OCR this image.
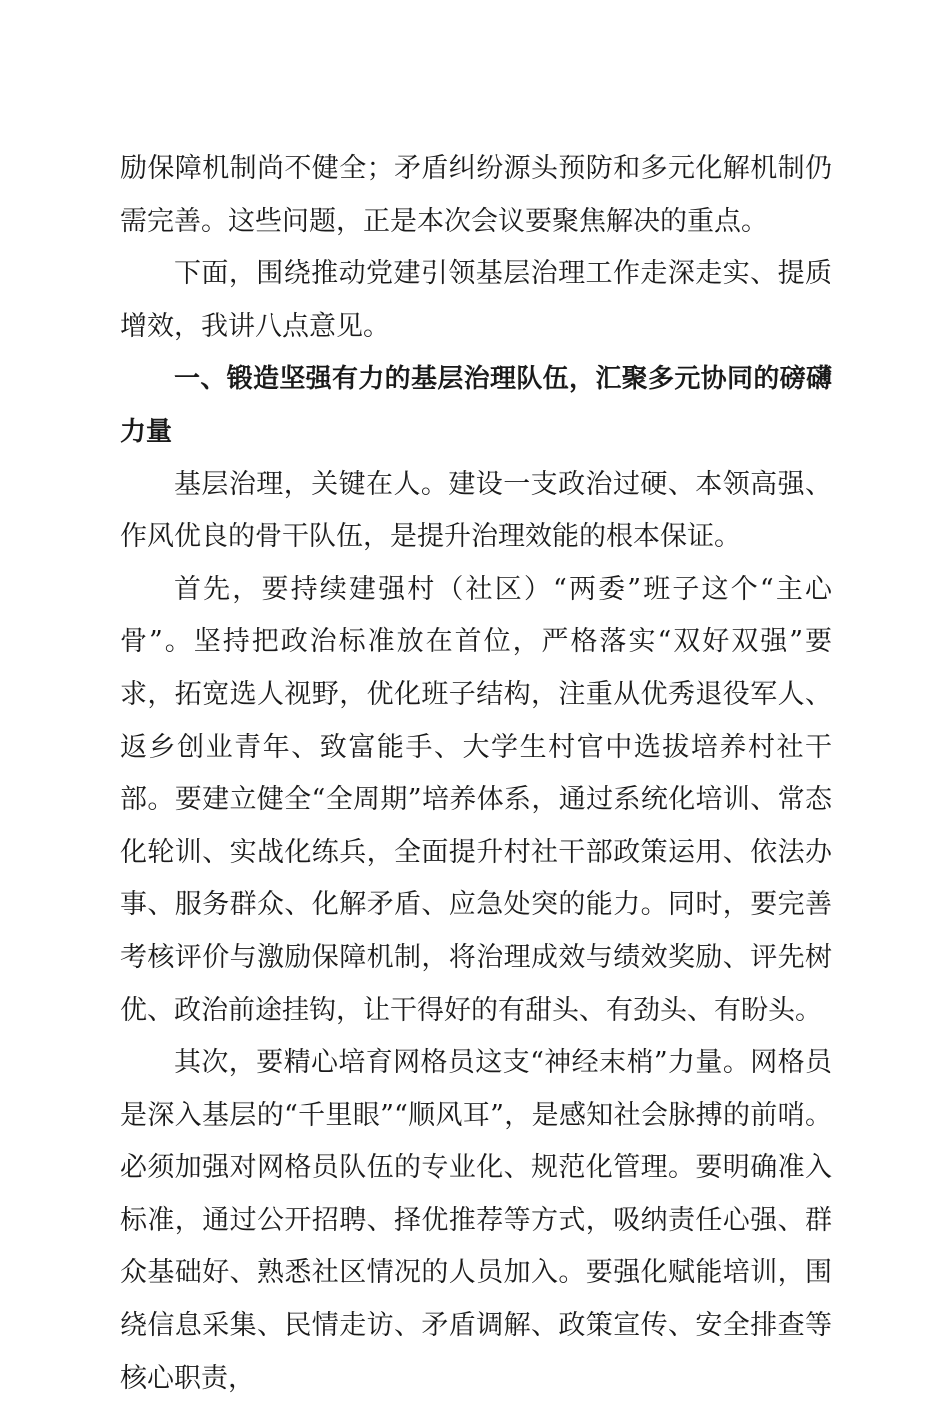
励保障机制尚不健全；矛盾纠纷源头预防和多元化解机制仍需完善。这些问题，正是本次会议要聚焦解决的重点。

下面，围绕推动党建引领基层治理工作走深走实、提质增效，我讲八点意见。

一、锻造坚强有力的基层治理队伍，汇聚多元协同的磅礴力量

基层治理，关键在人。建设一支政治过硬、本领高强、作风优良的骨干队伍，是提升治理效能的根本保证。

首先，要持续建强村（社区）“两委”班子这个“主心骨”。坚持把政治标准放在首位，严格落实“双好双强”要求，拓宽选人视野，优化班子结构，注重从优秀退役军人、返乡创业青年、致富能手、大学生村官中选拔培养村社干部。要建立健全“全周期”培养体系，通过系统化培训、常态化轮训、实战化练兵，全面提升村社干部政策运用、依法办事、服务群众、化解矛盾、应急处突的能力。同时，要完善考核评价与激励保障机制，将治理成效与绩效奖励、评先树优、政治前途挂钩，让干得好的有甜头、有劲头、有盼头。

其次，要精心培育网格员这支“神经末梢”力量。网格员是深入基层的“千里眼”“顺风耳”，是感知社会脉搏的前哨。必须加强对网格员队伍的专业化、规范化管理。要明确准入标准，通过公开招聘、择优推荐等方式，吸纳责任心强、群众基础好、熟悉社区情况的人员加入。要强化赋能培训，围绕信息采集、民情走访、矛盾调解、政策宣传、安全排查等核心职责，
